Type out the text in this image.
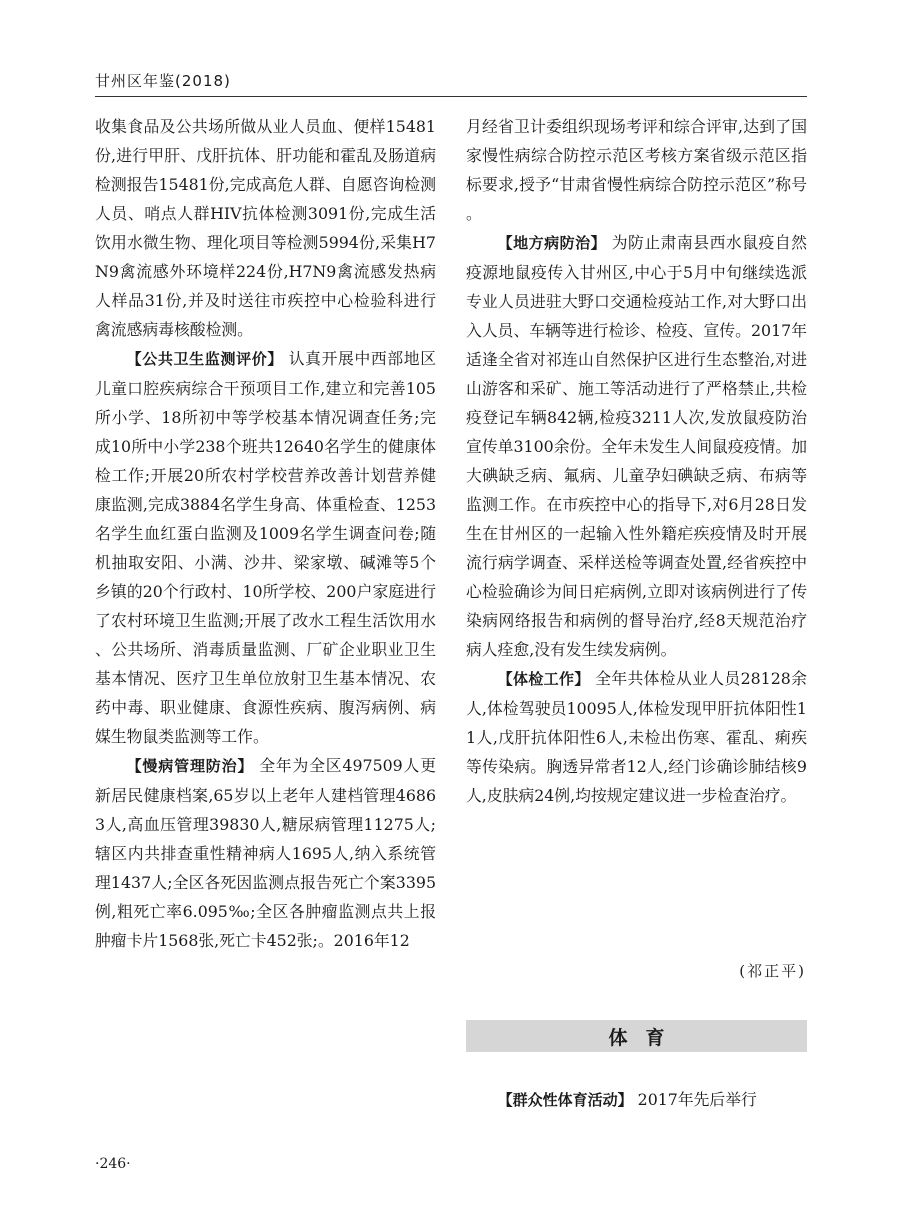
甘州区年鉴(2018)

收集食品及公共场所做从业人员血、便样15481份,进行甲肝、戊肝抗体、肝功能和霍乱及肠道病检测报告15481份,完成高危人群、自愿咨询检测人员、哨点人群HIV抗体检测3091份,完成生活饮用水微生物、理化项目等检测5994份,采集H7N9禽流感外环境样224份,H7N9禽流感发热病人样品31份,并及时送往市疾控中心检验科进行禽流感病毒核酸检测。

【公共卫生监测评价】 认真开展中西部地区儿童口腔疾病综合干预项目工作,建立和完善105所小学、18所初中等学校基本情况调查任务;完成10所中小学238个班共12640名学生的健康体检工作;开展20所农村学校营养改善计划营养健康监测,完成3884名学生身高、体重检查、1253名学生血红蛋白监测及1009名学生调查问卷;随机抽取安阳、小满、沙井、梁家墩、碱滩等5个乡镇的20个行政村、10所学校、200户家庭进行了农村环境卫生监测;开展了改水工程生活饮用水、公共场所、消毒质量监测、厂矿企业职业卫生基本情况、医疗卫生单位放射卫生基本情况、农药中毒、职业健康、食源性疾病、腹泻病例、病媒生物鼠类监测等工作。

【慢病管理防治】 全年为全区497509人更新居民健康档案,65岁以上老年人建档管理46863人,高血压管理39830人,糖尿病管理11275人;辖区内共排查重性精神病人1695人,纳入系统管理1437人;全区各死因监测点报告死亡个案3395例,粗死亡率6.095‰;全区各肿瘤监测点共上报肿瘤卡片1568张,死亡卡452张;。2016年12

月经省卫计委组织现场考评和综合评审,达到了国家慢性病综合防控示范区考核方案省级示范区指标要求,授予“甘肃省慢性病综合防控示范区”称号。

【地方病防治】 为防止肃南县西水鼠疫自然疫源地鼠疫传入甘州区,中心于5月中旬继续选派专业人员进驻大野口交通检疫站工作,对大野口出入人员、车辆等进行检诊、检疫、宣传。2017年适逢全省对祁连山自然保护区进行生态整治,对进山游客和采矿、施工等活动进行了严格禁止,共检疫登记车辆842辆,检疫3211人次,发放鼠疫防治宣传单3100余份。全年未发生人间鼠疫疫情。加大碘缺乏病、氟病、儿童孕妇碘缺乏病、布病等监测工作。在市疾控中心的指导下,对6月28日发生在甘州区的一起输入性外籍疟疾疫情及时开展流行病学调查、采样送检等调查处置,经省疾控中心检验确诊为间日疟病例,立即对该病例进行了传染病网络报告和病例的督导治疗,经8天规范治疗病人痊愈,没有发生续发病例。

【体检工作】 全年共体检从业人员28128余人,体检驾驶员10095人,体检发现甲肝抗体阳性11人,戊肝抗体阳性6人,未检出伤寒、霍乱、痢疾等传染病。胸透异常者12人,经门诊确诊肺结核9人,皮肤病24例,均按规定建议进一步检查治疗。

(祁正平)
体育

【群众性体育活动】 2017年先后举行

·246·
